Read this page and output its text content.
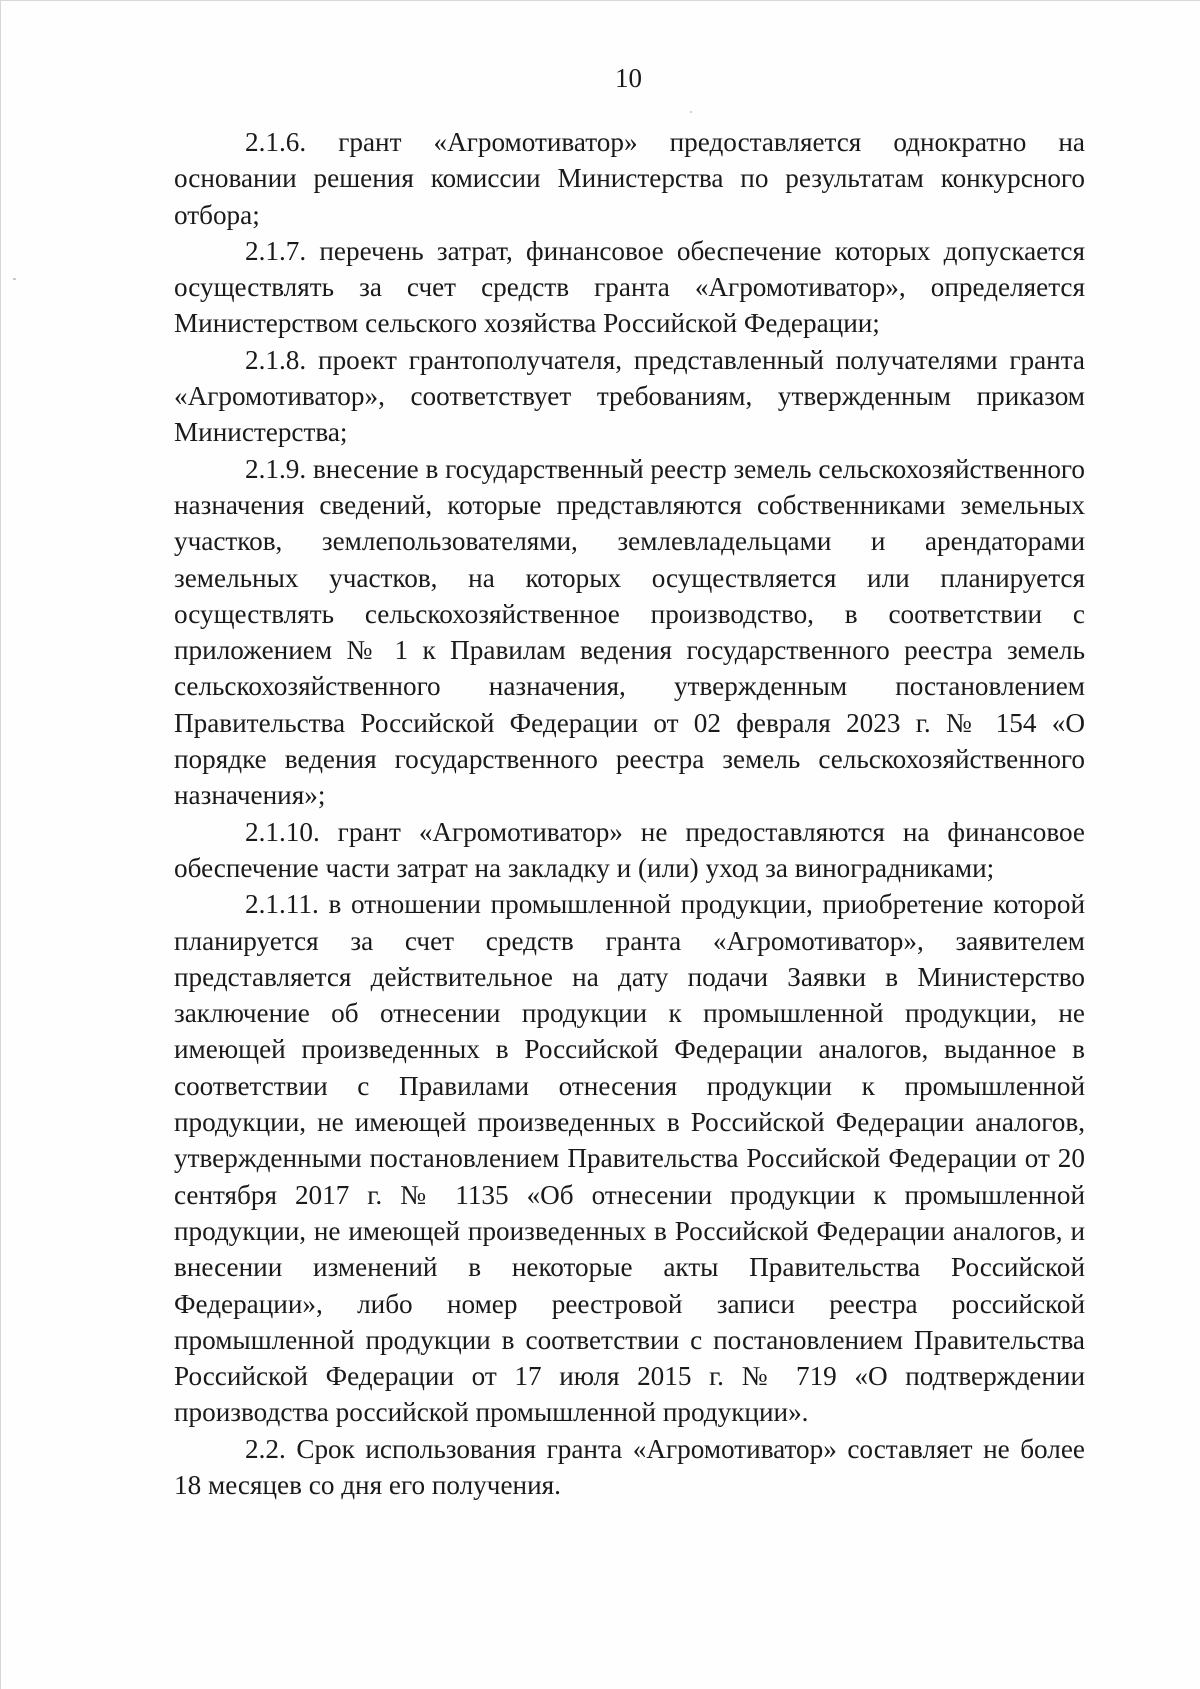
10

2.1.6. грант «Агромотиватор» предоставляется однократно на основании решения комиссии Министерства по результатам конкурсного отбора;

2.1.7. перечень затрат, финансовое обеспечение которых допускается осуществлять за счет средств гранта «Агромотиватор», определяется Министерством сельского хозяйства Российской Федерации;

2.1.8. проект грантополучателя, представленный получателями гранта «Агромотиватор», соответствует требованиям, утвержденным приказом Министерства;

2.1.9. внесение в государственный реестр земель сельскохозяйственного назначения сведений, которые представляются собственниками земельных участков, землепользователями, землевладельцами и арендаторами земельных участков, на которых осуществляется или планируется осуществлять сельскохозяйственное производство, в соответствии с приложением № 1 к Правилам ведения государственного реестра земель сельскохозяйственного назначения, утвержденным постановлением Правительства Российской Федерации от 02 февраля 2023 г. № 154 «О порядке ведения государственного реестра земель сельскохозяйственного назначения»;

2.1.10. грант «Агромотиватор» не предоставляются на финансовое обеспечение части затрат на закладку и (или) уход за виноградниками;

2.1.11. в отношении промышленной продукции, приобретение которой планируется за счет средств гранта «Агромотиватор», заявителем представляется действительное на дату подачи Заявки в Министерство заключение об отнесении продукции к промышленной продукции, не имеющей произведенных в Российской Федерации аналогов, выданное в соответствии с Правилами отнесения продукции к промышленной продукции, не имеющей произведенных в Российской Федерации аналогов, утвержденными постановлением Правительства Российской Федерации от 20 сентября 2017 г. № 1135 «Об отнесении продукции к промышленной продукции, не имеющей произведенных в Российской Федерации аналогов, и внесении изменений в некоторые акты Правительства Российской Федерации», либо номер реестровой записи реестра российской промышленной продукции в соответствии с постановлением Правительства Российской Федерации от 17 июля 2015 г. № 719 «О подтверждении производства российской промышленной продукции».

2.2. Срок использования гранта «Агромотиватор» составляет не более 18 месяцев со дня его получения.
